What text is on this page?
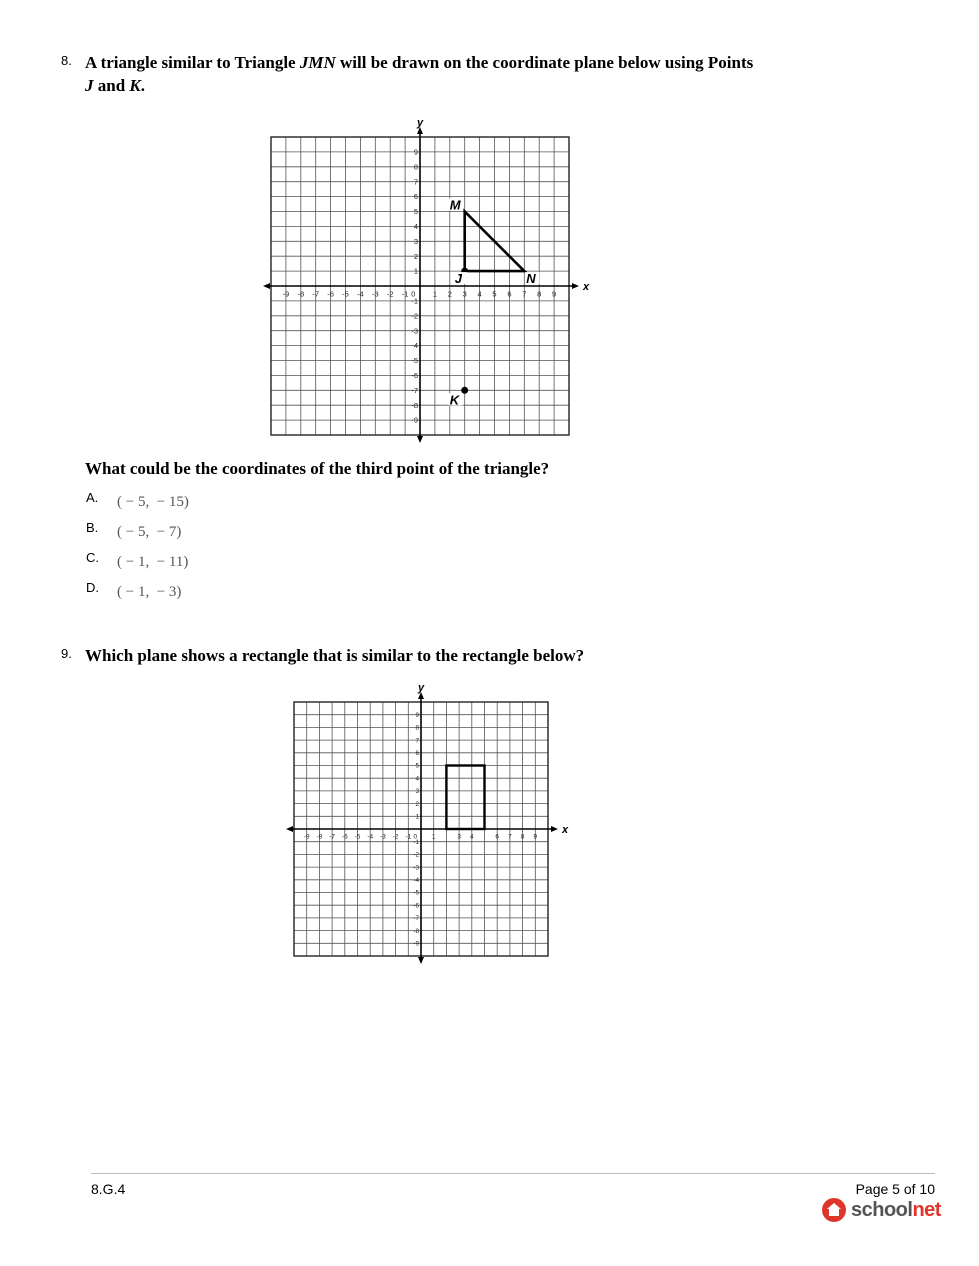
8. A triangle similar to Triangle JMN will be drawn on the coordinate plane below using Points
J and K.
x
y
-9 -8 -7 -6 -5 -4 -3 -2 -1 0 1 2 3 4 5 6 7 8 9
9
8
7
6
5
4
3
2
1
-1
-2
-3
-4
-5
-6
-7
-8
-9
M
J	N
K
What could be the coordinates of the third point of the triangle?
A. ( − 5,  − 15)
B. ( − 5,  − 7)
C. ( − 1,  − 11)
D. ( − 1,  − 3)
9. Which plane shows a rectangle that is similar to the rectangle below?
x
y
-9 -8 -7 -6 -5 -4 -3 -2 -1 0 1	3 4	6 7 8 9
9
8
7
6
5
4
3
2
1
-1
-2
-3
-4
-5
-6
-7
-8
-9
8.G.4	Page 5 of 10
schoolnet
